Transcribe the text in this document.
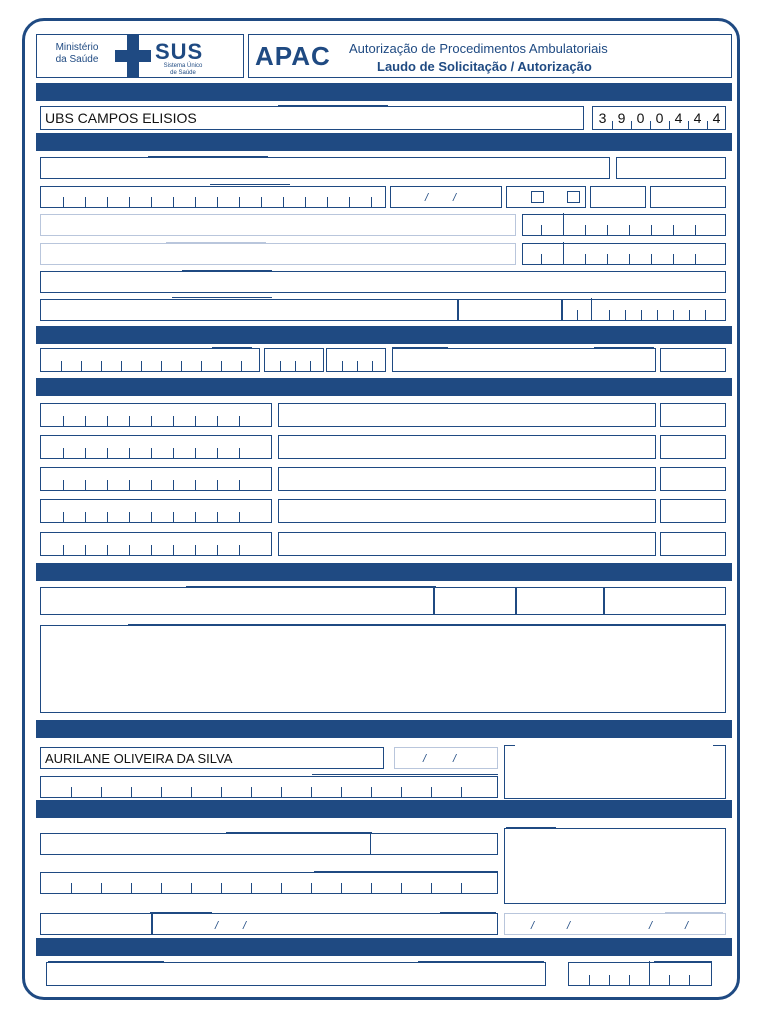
Ministério
da Saúde	SUS
Sistema Único
de Saúde
APAC Autorização de Procedimentos Ambulatoriais
Laudo de Solicitação / Autorização
UBS CAMPOS ELISIOS	3 9 0 0 4 4 4
/ /
AURILANE OLIVEIRA DA SILVA	/ /
/ /	/	/	/	/
